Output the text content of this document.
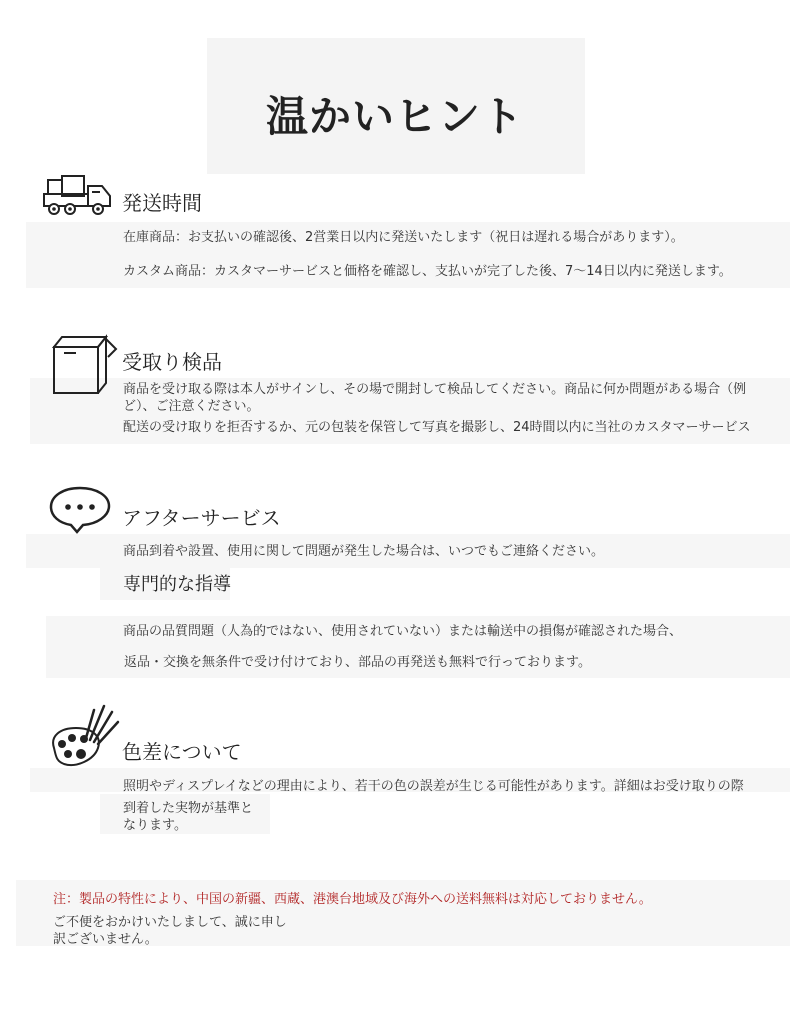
温かいヒント
発送時間
在庫商品：お支払いの確認後、2営業日以内に発送いたします（祝日は遅れる場合があります）。
カスタム商品：カスタマーサービスと価格を確認し、支払いが完了した後、7〜14日以内に発送します。
受取り検品
商品を受け取る際は本人がサインし、その場で開封して検品してください。商品に何か問題がある場合（例
ど）、ご注意ください。
配送の受け取りを拒否するか、元の包装を保管して写真を撮影し、24時間以内に当社のカスタマーサービス
アフターサービス
商品到着や設置、使用に関して問題が発生した場合は、いつでもご連絡ください。
専門的な指導
商品の品質問題（人為的ではない、使用されていない）または輸送中の損傷が確認された場合、
返品・交換を無条件で受け付けており、部品の再発送も無料で行っております。
色差について
照明やディスプレイなどの理由により、若干の色の誤差が生じる可能性があります。詳細はお受け取りの際
到着した実物が基準と
なります。
注：製品の特性により、中国の新疆、西蔵、港澳台地域及び海外への送料無料は対応しておりません。
ご不便をおかけいたしまして、誠に申し
訳ございません。
